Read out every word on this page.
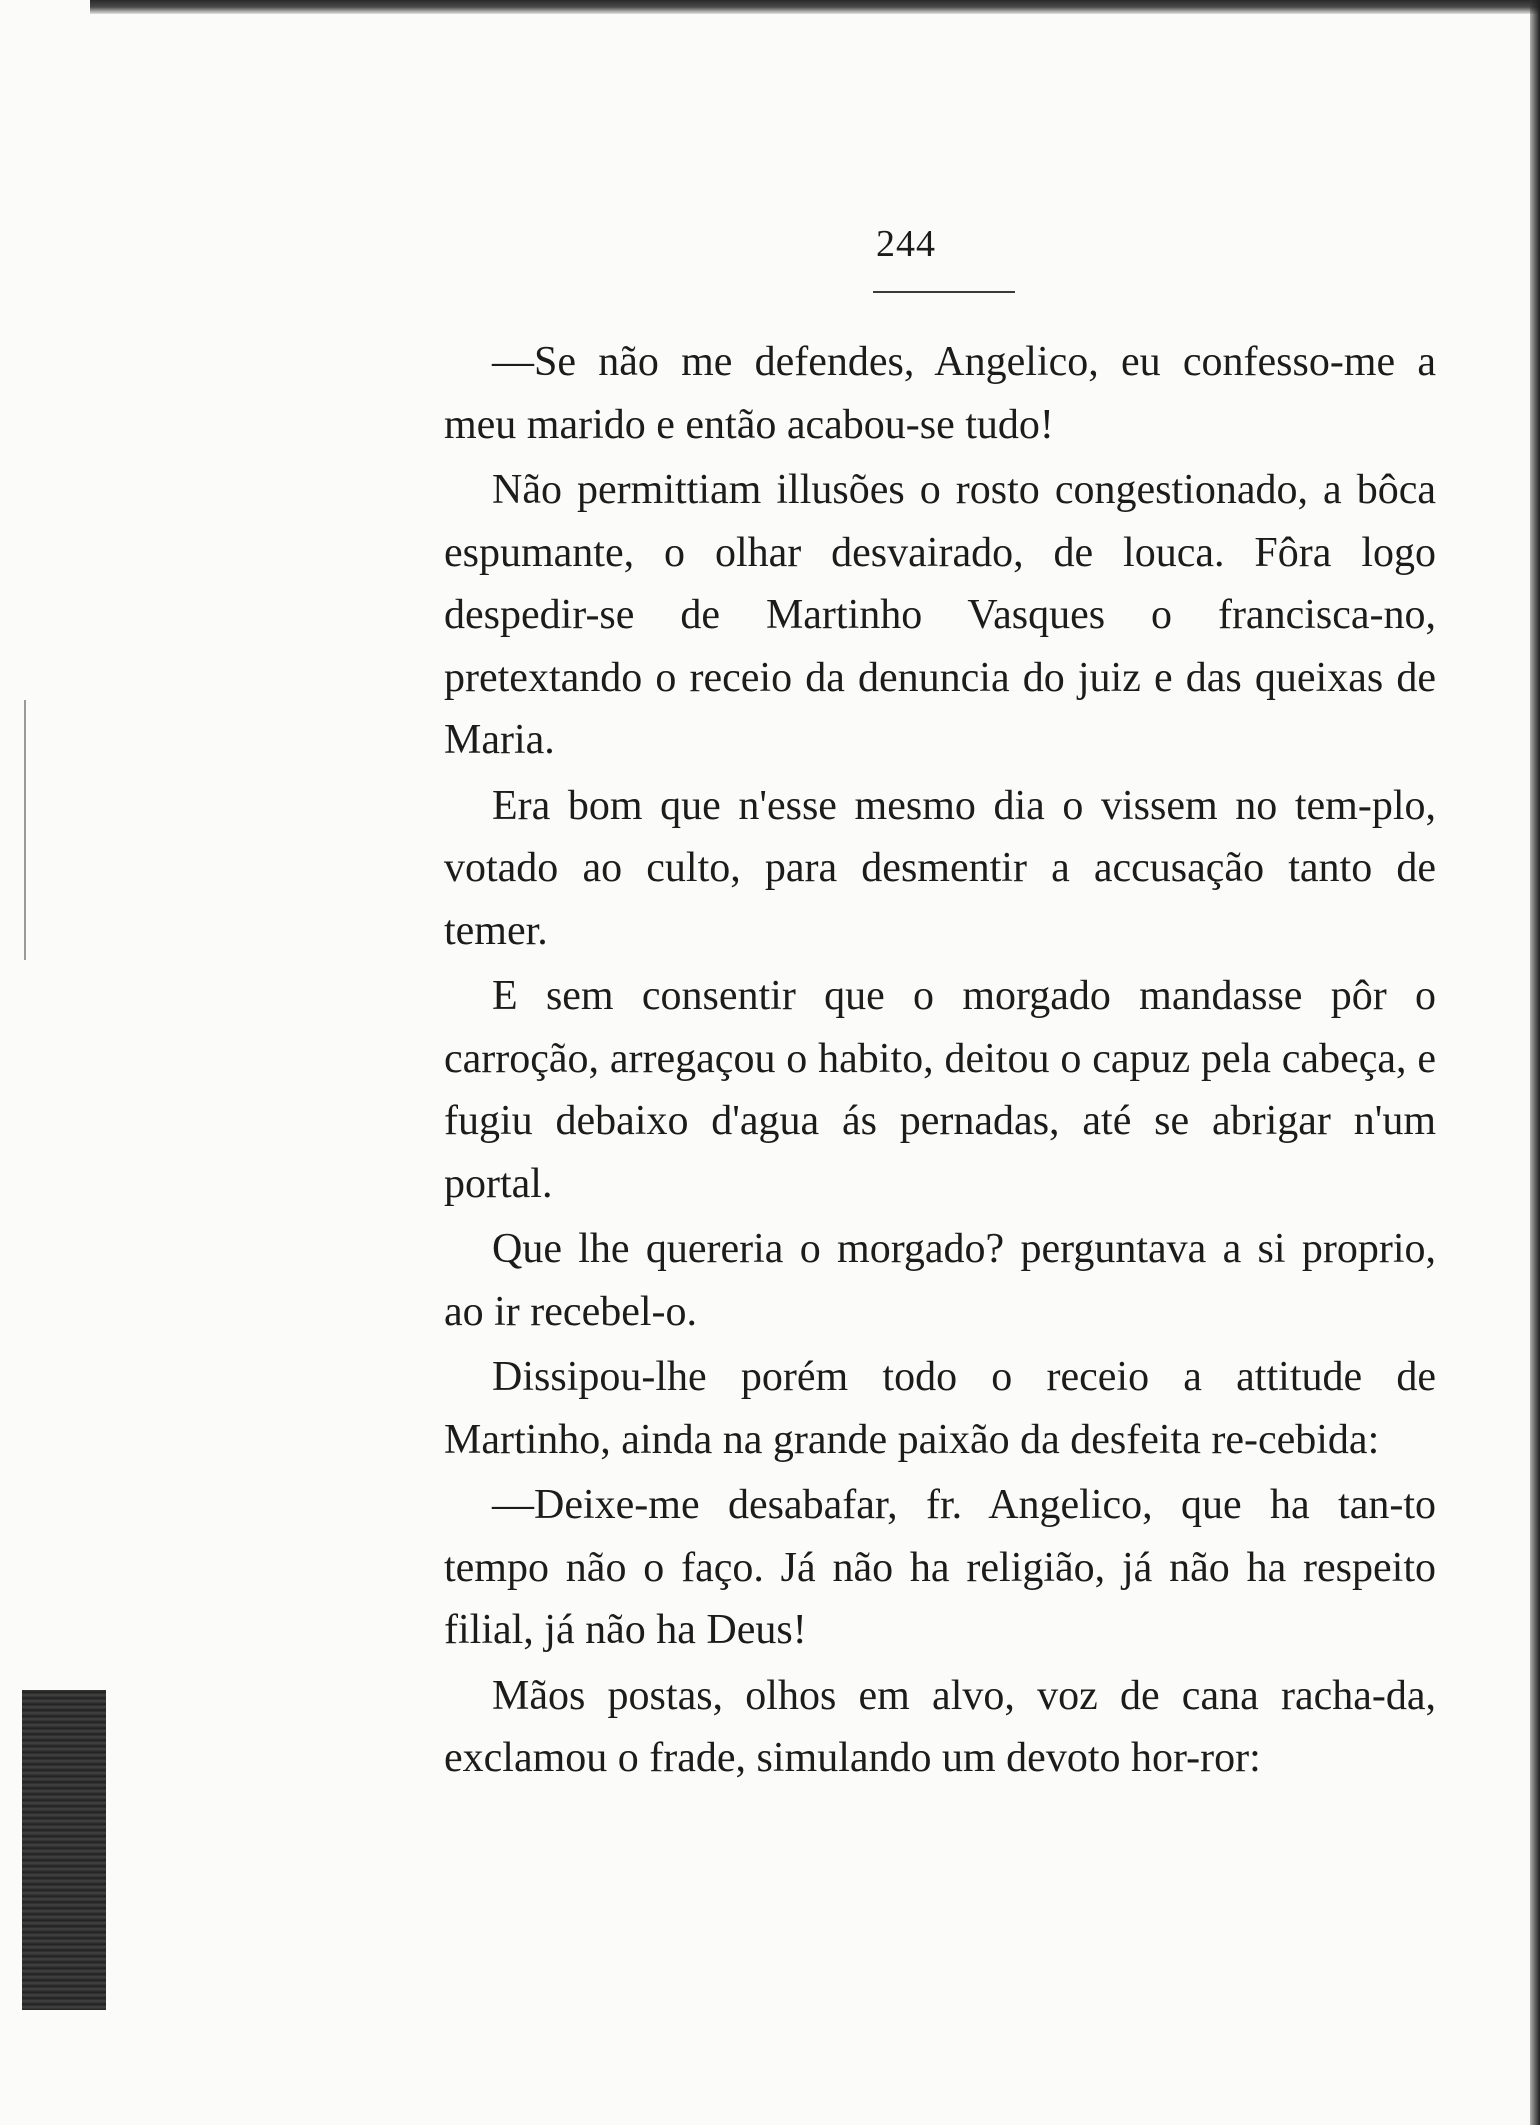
244

—Se não me defendes, Angelico, eu confesso-me a meu marido e então acabou-se tudo!

Não permittiam illusões o rosto congestionado, a bôca espumante, o olhar desvairado, de louca. Fôra logo despedir-se de Martinho Vasques o francisca-no, pretextando o receio da denuncia do juiz e das queixas de Maria.

Era bom que n'esse mesmo dia o vissem no tem-plo, votado ao culto, para desmentir a accusação tanto de temer.

E sem consentir que o morgado mandasse pôr o carroção, arregaçou o habito, deitou o capuz pela cabeça, e fugiu debaixo d'agua ás pernadas, até se abrigar n'um portal.

Que lhe quereria o morgado? perguntava a si proprio, ao ir recebel-o.

Dissipou-lhe porém todo o receio a attitude de Martinho, ainda na grande paixão da desfeita re-cebida:

—Deixe-me desabafar, fr. Angelico, que ha tan-to tempo não o faço. Já não ha religião, já não ha respeito filial, já não ha Deus!

Mãos postas, olhos em alvo, voz de cana racha-da, exclamou o frade, simulando um devoto hor-ror:
